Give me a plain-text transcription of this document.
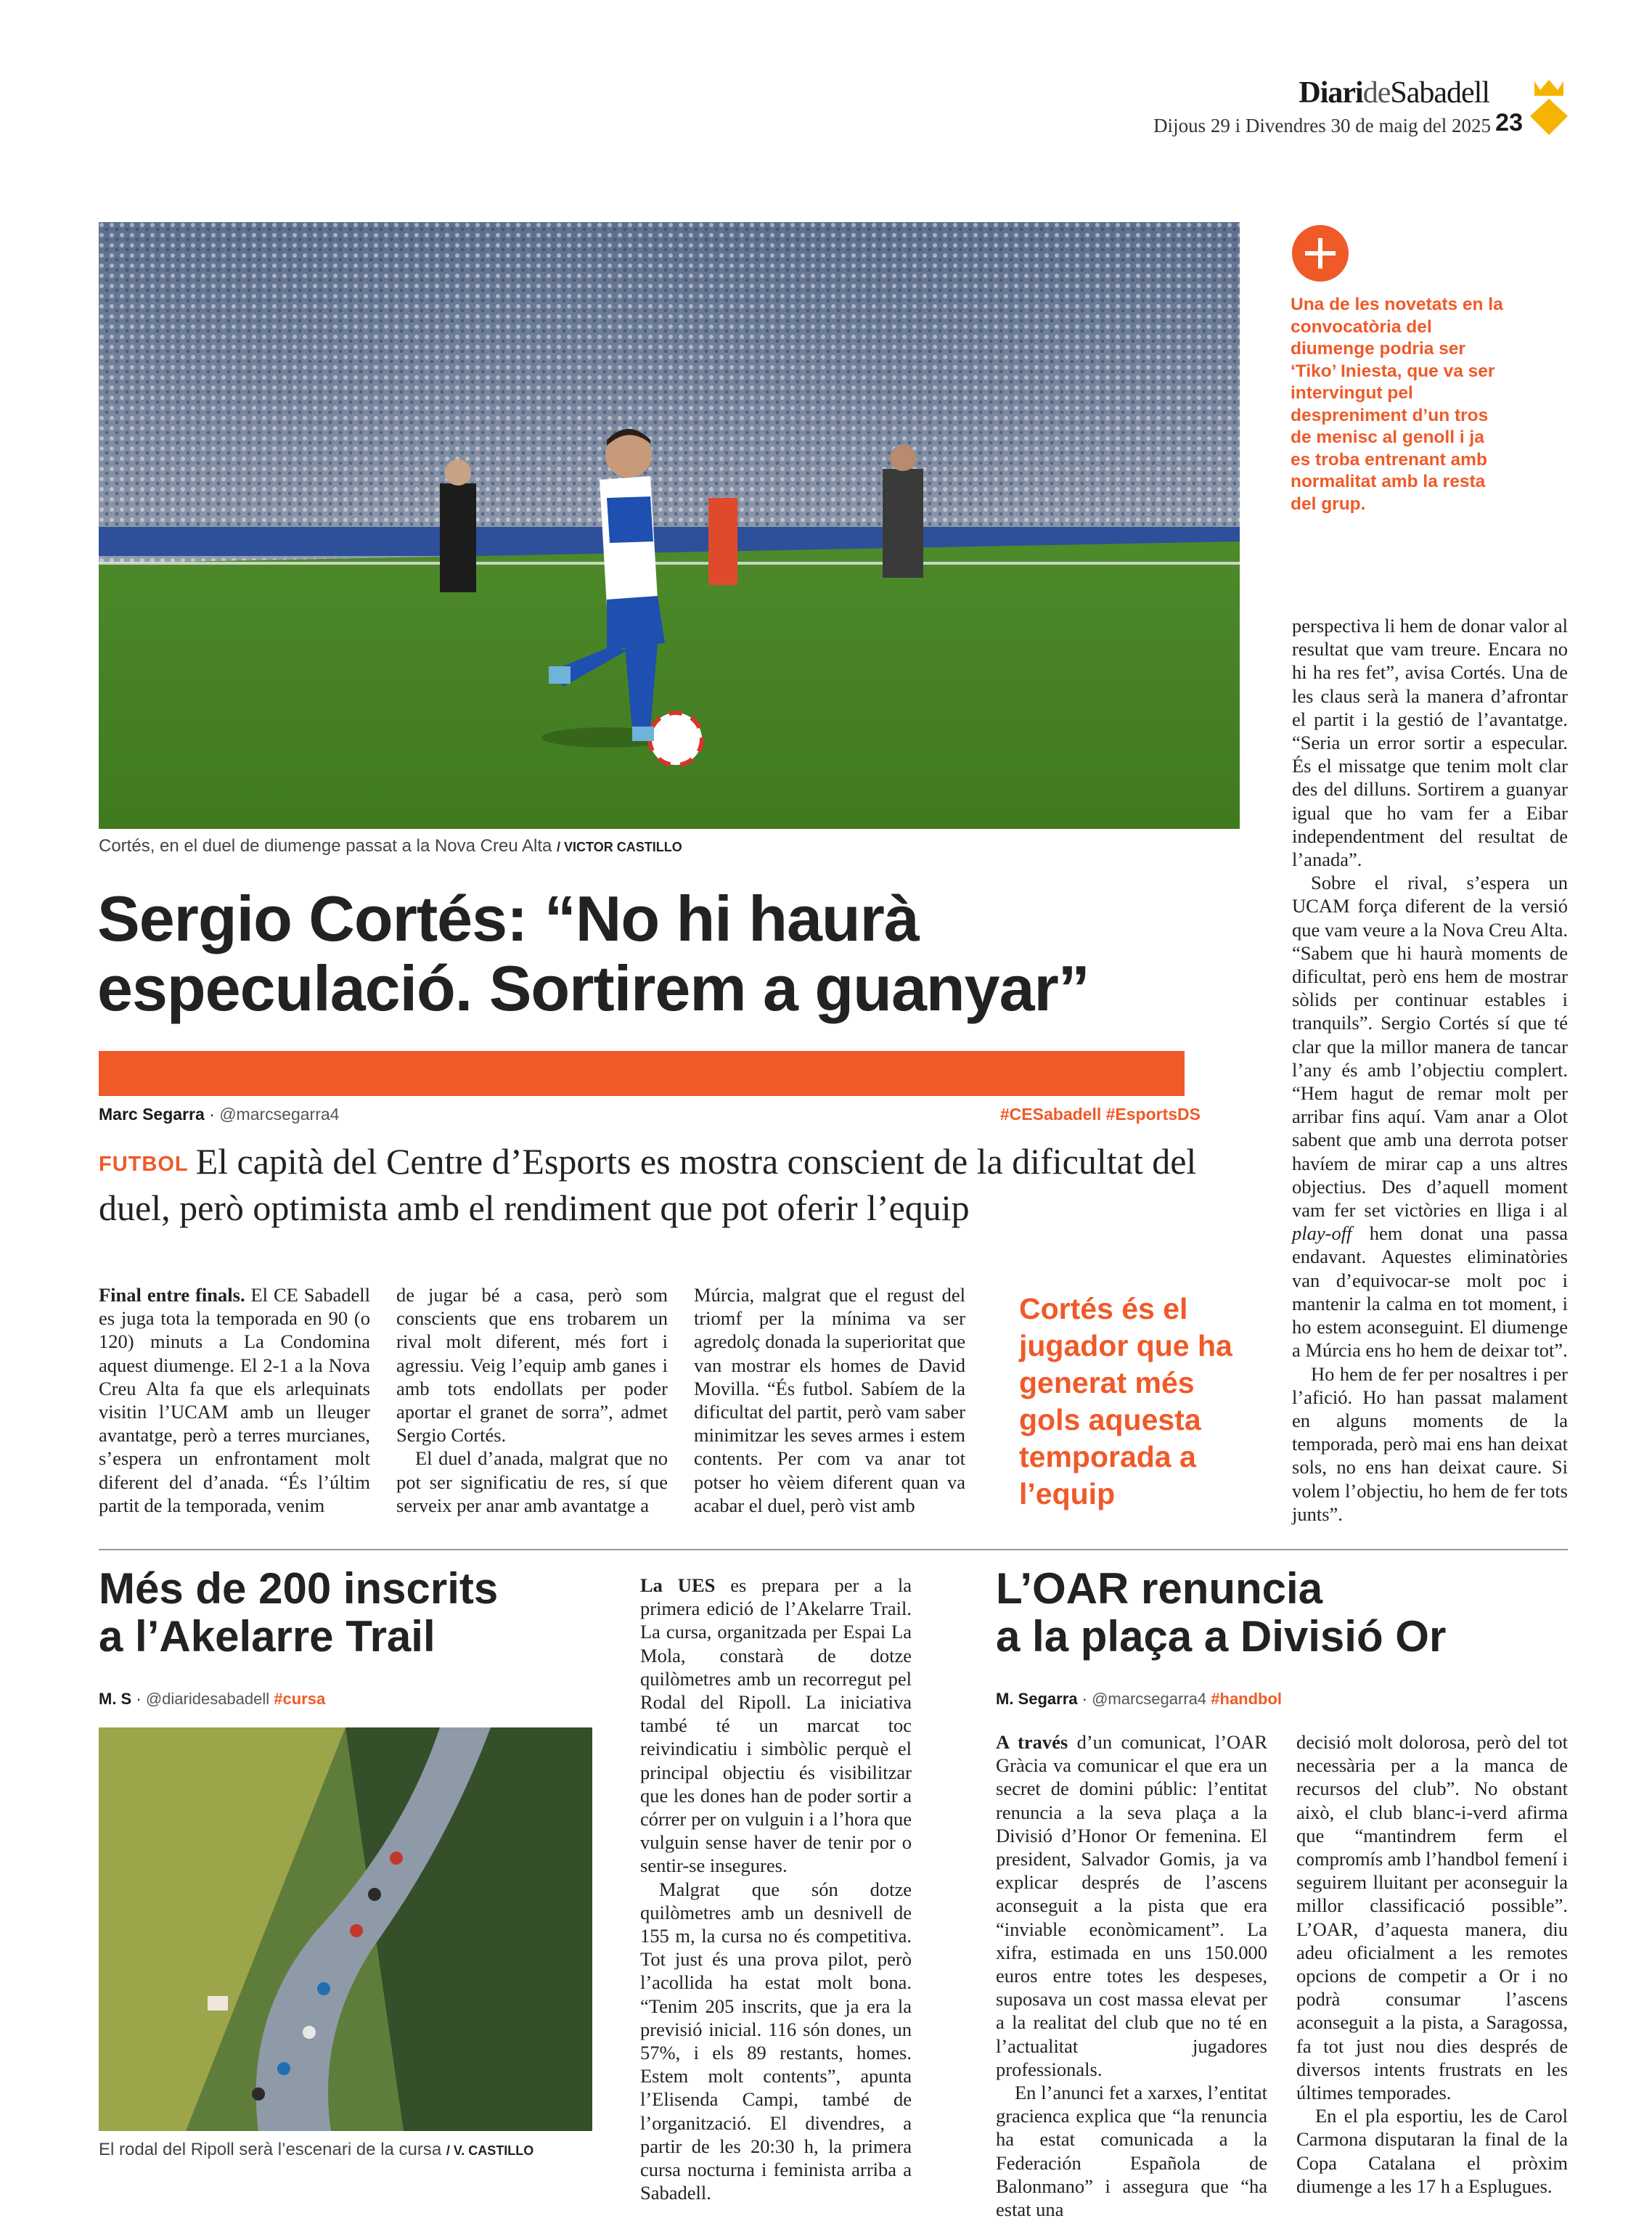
DiarideSabadell
Dijous 29 i Divendres 30 de maig del 2025 23
Cortés, en el duel de diumenge passat a la Nova Creu Alta / VICTOR CASTILLO
Una de les novetats en la convocatòria del diumenge podria ser ‘Tiko’ Iniesta, que va ser intervingut pel despreniment d’un tros de menisc al genoll i ja es troba entrenant amb normalitat amb la resta del grup.
Sergio Cortés: “No hi haurà
especulació. Sortirem a guanyar”
Marc Segarra · @marcsegarra4	#CESabadell #EsportsDS
FUTBOL El capità del Centre d’Esports es mostra conscient de la dificultat del duel, però optimista amb el rendiment que pot oferir l’equip

Final entre finals. El CE Sabadell es juga tota la temporada en 90 (o 120) minuts a La Condomina aquest diumenge. El 2-1 a la Nova Creu Alta fa que els arlequinats visitin l’UCAM amb un lleuger avantatge, però a terres murcianes, s’espera un enfrontament molt diferent del d’anada. “És l’últim partit de la temporada, venim

de jugar bé a casa, però som conscients que ens trobarem un rival molt diferent, més fort i agressiu. Veig l’equip amb ganes i amb tots endollats per poder aportar el granet de sorra”, admet Sergio Cortés.

El duel d’anada, malgrat que no pot ser significatiu de res, sí que serveix per anar amb avantatge a

Múrcia, malgrat que el regust del triomf per la mínima va ser agredolç donada la superioritat que van mostrar els homes de David Movilla. “És futbol. Sabíem de la dificultat del partit, però vam saber minimitzar les seves armes i estem contents. Per com va anar tot potser ho vèiem diferent quan va acabar el duel, però vist amb

Cortés és el jugador que ha generat més gols aquesta temporada a l’equip

perspectiva li hem de donar valor al resultat que vam treure. Encara no hi ha res fet”, avisa Cortés. Una de les claus serà la manera d’afrontar el partit i la gestió de l’avantatge. “Seria un error sortir a especular. És el missatge que tenim molt clar des del dilluns. Sortirem a guanyar igual que ho vam fer a Eibar independentment del resultat de l’anada”.

Sobre el rival, s’espera un UCAM força diferent de la versió que vam veure a la Nova Creu Alta. “Sabem que hi haurà moments de dificultat, però ens hem de mostrar sòlids per continuar estables i tranquils”. Sergio Cortés sí que té clar que la millor manera de tancar l’any és amb l’objectiu complert. “Hem hagut de remar molt per arribar fins aquí. Vam anar a Olot sabent que amb una derrota potser havíem de mirar cap a uns altres objectius. Des d’aquell moment vam fer set victòries en lliga i al play-off hem donat una passa endavant. Aquestes eliminatòries van d’equivocar-se molt poc i mantenir la calma en tot moment, i ho estem aconseguint. El diumenge a Múrcia ens ho hem de deixar tot”.

Ho hem de fer per nosaltres i per l’afició. Ho han passat malament en alguns moments de la temporada, però mai ens han deixat sols, no ens han deixat caure. Si volem l’objectiu, ho hem de fer tots junts”.

Més de 200 inscrits
a l’Akelarre Trail
M. S · @diaridesabadell #cursa
El rodal del Ripoll serà l’escenari de la cursa / V. CASTILLO

La UES es prepara per a la primera edició de l’Akelarre Trail. La cursa, organitzada per Espai La Mola, constarà de dotze quilòmetres amb un recorregut pel Rodal del Ripoll. La iniciativa també té un marcat toc reivindicatiu i simbòlic perquè el principal objectiu és visibilitzar que les dones han de poder sortir a córrer per on vulguin i a l’hora que vulguin sense haver de tenir por o sentir-se insegures.

Malgrat que són dotze quilòmetres amb un desnivell de 155 m, la cursa no és competitiva. Tot just és una prova pilot, però l’acollida ha estat molt bona. “Tenim 205 inscrits, que ja era la previsió inicial. 116 són dones, un 57%, i els 89 restants, homes. Estem molt contents”, apunta l’Elisenda Campi, també de l’organització. El divendres, a partir de les 20:30 h, la primera cursa nocturna i feminista arriba a Sabadell.

L’OAR renuncia
a la plaça a Divisió Or
M. Segarra · @marcsegarra4 #handbol

A través d’un comunicat, l’OAR Gràcia va comunicar el que era un secret de domini públic: l’entitat renuncia a la seva plaça a la Divisió d’Honor Or femenina. El president, Salvador Gomis, ja va explicar després de l’ascens aconseguit a la pista que era “inviable econòmicament”. La xifra, estimada en uns 150.000 euros entre totes les despeses, suposava un cost massa elevat per a la realitat del club que no té en l’actualitat jugadores professionals.

En l’anunci fet a xarxes, l’entitat gracienca explica que “la renuncia ha estat comunicada a la Federación Española de Balonmano” i assegura que “ha estat una

decisió molt dolorosa, però del tot necessària per a la manca de recursos del club”. No obstant això, el club blanc-i-verd afirma que “mantindrem ferm el compromís amb l’handbol femení i seguirem lluitant per aconseguir la millor classificació possible”. L’OAR, d’aquesta manera, diu adeu oficialment a les remotes opcions de competir a Or i no podrà consumar l’ascens aconseguit a la pista, a Saragossa, fa tot just nou dies després de diversos intents frustrats en les últimes temporades.

En el pla esportiu, les de Carol Carmona disputaran la final de la Copa Catalana el pròxim diumenge a les 17 h a Esplugues.
